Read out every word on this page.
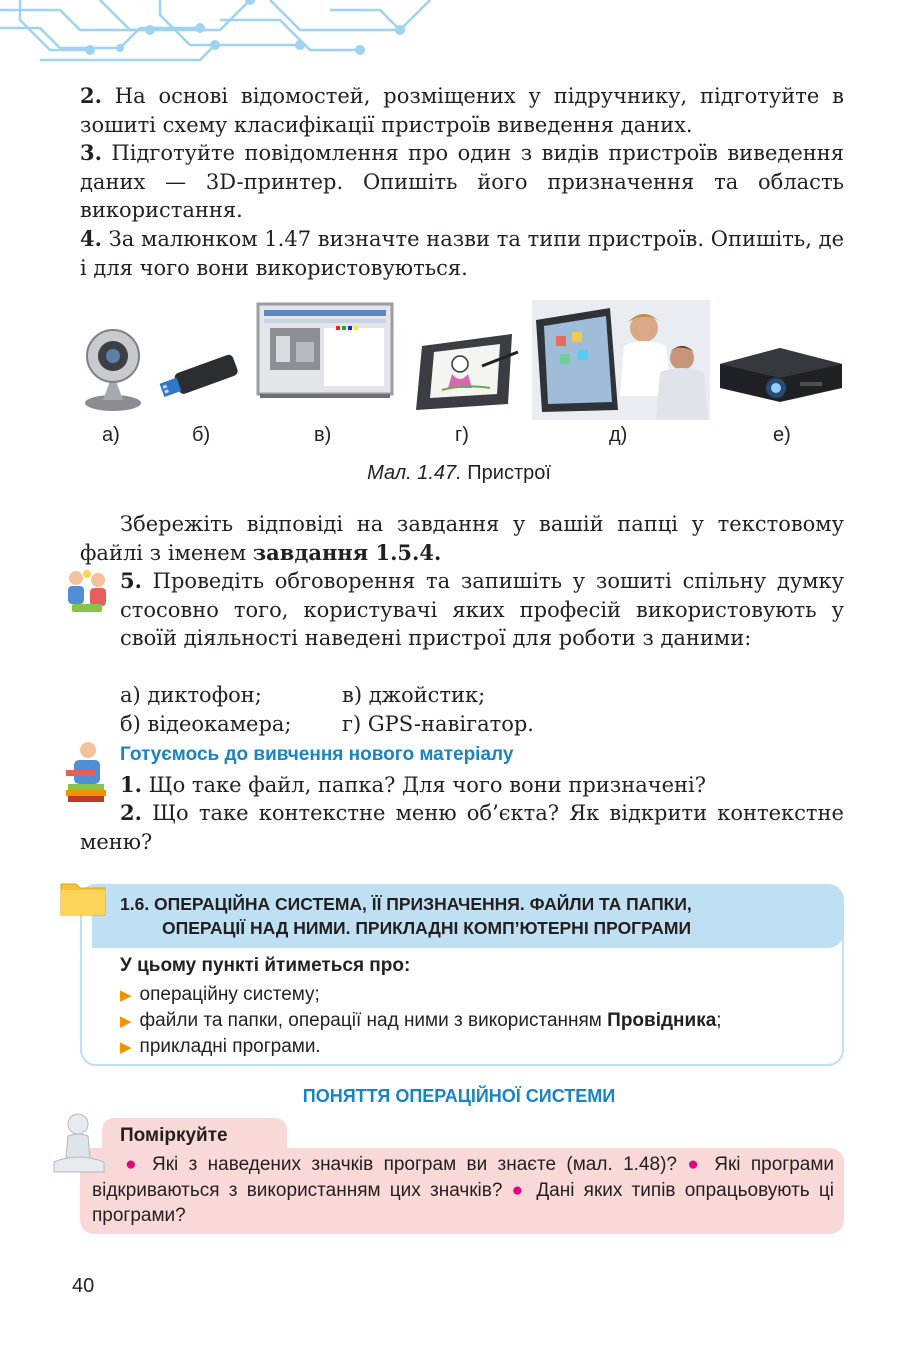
2. На основі відомостей, розміщених у підручнику, підготуйте в зошиті схему класифікації пристроїв виведення даних.

3. Підготуйте повідомлення про один з видів пристроїв виведення даних — 3D-принтер. Опишіть його призначення та область використання.

4. За малюнком 1.47 визначте назви та типи пристроїв. Опишіть, де і для чого вони використовуються.

а)	б)	в)	г)	д)	е)
Мал. 1.47. Пристрої

Збережіть відповіді на завдання у вашій папці у текстовому файлі з іменем завдання 1.5.4.

5. Проведіть обговорення та запишіть у зошиті спільну думку стосовно того, користувачі яких професій використовують у своїй діяльності наведені пристрої для роботи з даними:

а) диктофон;	в) джойстик;
б) відеокамера; г) GPS-навігатор.
Готуємось до вивчення нового матеріалу

1. Що таке файл, папка? Для чого вони призначені?

2. Що таке контекстне меню об’єкта? Як відкрити контекстне меню?

1.6. ОПЕРАЦІЙНА СИСТЕМА, ЇЇ ПРИЗНАЧЕННЯ. ФАЙЛИ ТА ПАПКИ,
ОПЕРАЦІЇ НАД НИМИ. ПРИКЛАДНІ КОМП’ЮТЕРНІ ПРОГРАМИ
У цьому пункті йтиметься про:
▶ операційну систему;
▶ файли та папки, операції над ними з використанням Провідника;
▶ прикладні програми.
ПОНЯТТЯ ОПЕРАЦІЙНОЇ СИСТЕМИ
Поміркуйте

● Які з наведених значків програм ви знаєте (мал. 1.48)? ● Які програми відкриваються з використанням цих значків? ● Дані яких типів опрацьовують ці програми?

40
